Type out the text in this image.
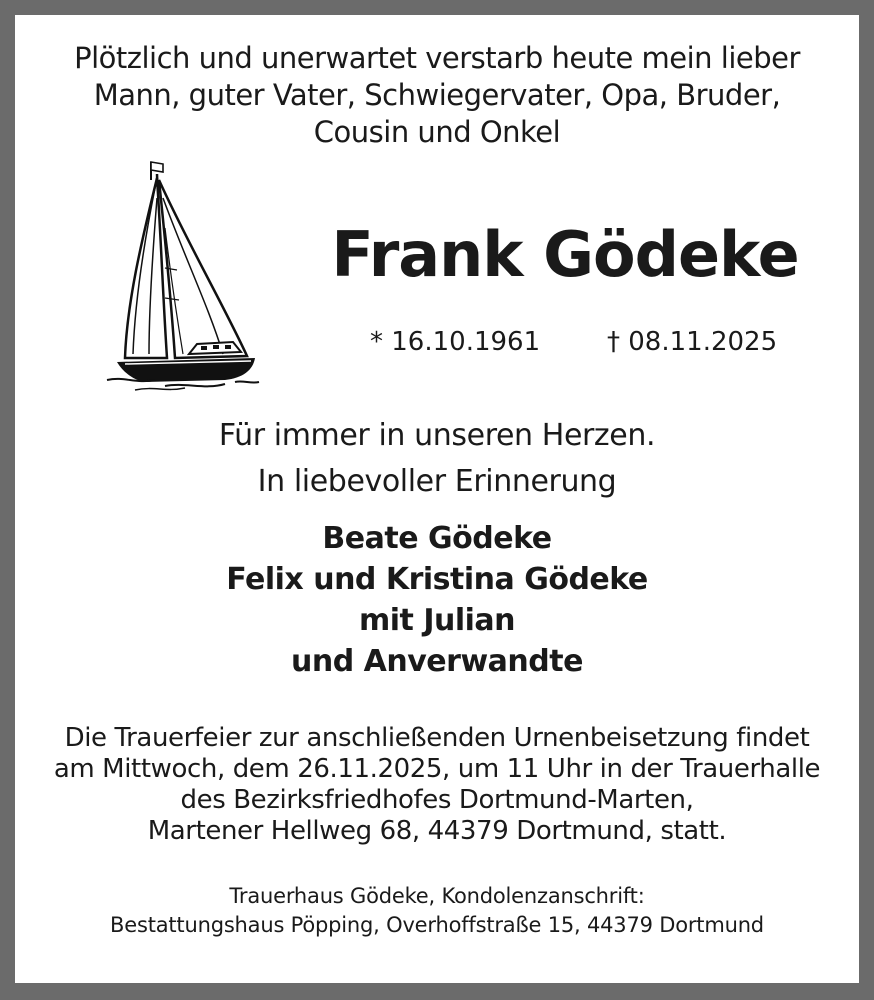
Plötzlich und unerwartet verstarb heute mein lieber
Mann, guter Vater, Schwiegervater, Opa, Bruder,
Cousin und Onkel
Frank Gödeke
* 16.10.1961	† 08.11.2025
Für immer in unseren Herzen.
In liebevoller Erinnerung
Beate Gödeke
Felix und Kristina Gödeke
mit Julian
und Anverwandte
Die Trauerfeier zur anschließenden Urnenbeisetzung findet
am Mittwoch, dem 26.11.2025, um 11 Uhr in der Trauerhalle
des Bezirksfriedhofes Dortmund-Marten,
Martener Hellweg 68, 44379 Dortmund, statt.
Trauerhaus Gödeke, Kondolenzanschrift:
Bestattungshaus Pöpping, Overhoffstraße 15, 44379 Dortmund
